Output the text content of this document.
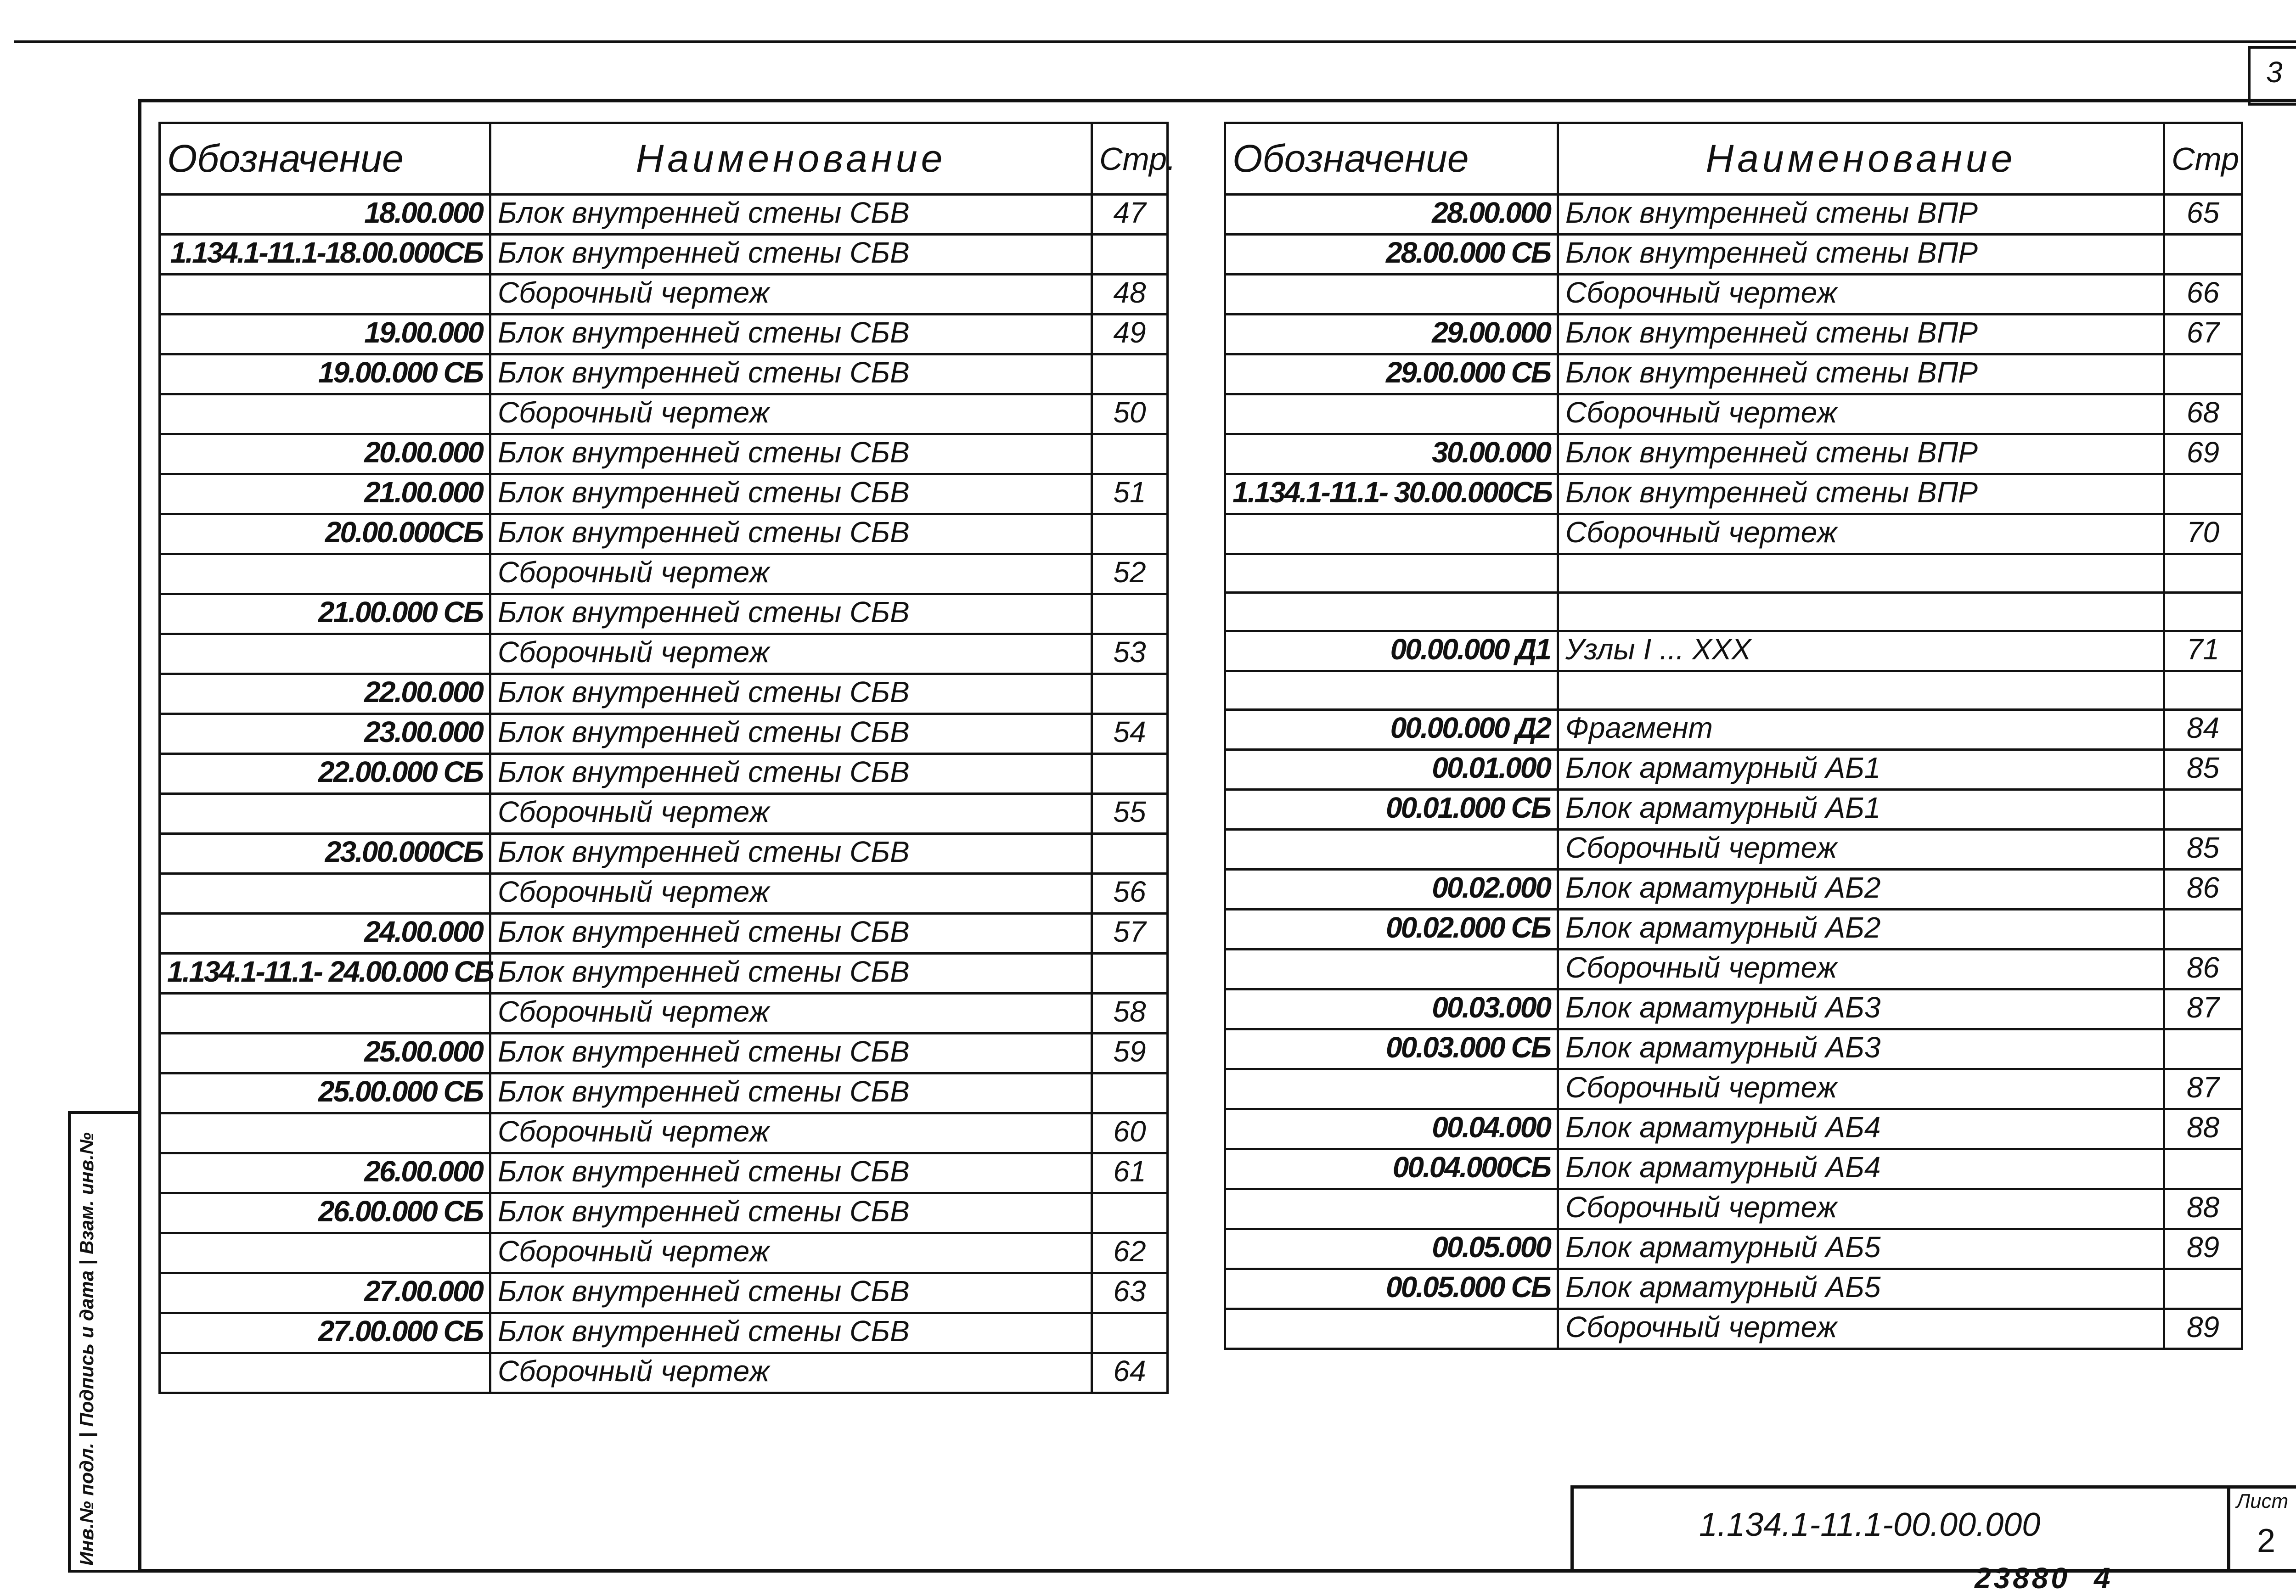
3
Инв.№ подл. | Подпись и дата | Взам. инв.№
Обозначение	Наименование	Стр.
18.00.000	Блок внутренней стены СБВ	47
1.134.1-11.1-18.00.000СБ	Блок внутренней стены СБВ	
	Сборочный чертеж	48
19.00.000	Блок внутренней стены СБВ	49
19.00.000 СБ	Блок внутренней стены СБВ	
	Сборочный чертеж	50
20.00.000	Блок внутренней стены СБВ	
21.00.000	Блок внутренней стены СБВ	51
20.00.000СБ	Блок внутренней стены СБВ	
	Сборочный чертеж	52
21.00.000 СБ	Блок внутренней стены СБВ	
	Сборочный чертеж	53
22.00.000	Блок внутренней стены СБВ	
23.00.000	Блок внутренней стены СБВ	54
22.00.000 СБ	Блок внутренней стены СБВ	
	Сборочный чертеж	55
23.00.000СБ	Блок внутренней стены СБВ	
	Сборочный чертеж	56
24.00.000	Блок внутренней стены СБВ	57
1.134.1-11.1- 24.00.000 СБ	Блок внутренней стены СБВ	
	Сборочный чертеж	58
25.00.000	Блок внутренней стены СБВ	59
25.00.000 СБ	Блок внутренней стены СБВ	
	Сборочный чертеж	60
26.00.000	Блок внутренней стены СБВ	61
26.00.000 СБ	Блок внутренней стены СБВ	
	Сборочный чертеж	62
27.00.000	Блок внутренней стены СБВ	63
27.00.000 СБ	Блок внутренней стены СБВ	
	Сборочный чертеж	64
Обозначение	Наименование	Стр
28.00.000	Блок внутренней стены ВПР	65
28.00.000 СБ	Блок внутренней стены ВПР	
	Сборочный чертеж	66
29.00.000	Блок внутренней стены ВПР	67
29.00.000 СБ	Блок внутренней стены ВПР	
	Сборочный чертеж	68
30.00.000	Блок внутренней стены ВПР	69
1.134.1-11.1- 30.00.000СБ	Блок внутренней стены ВПР	
	Сборочный чертеж	70

00.00.000 Д1	Узлы I ... XXX	71

00.00.000 Д2	Фрагмент	84
00.01.000	Блок арматурный АБ1	85
00.01.000 СБ	Блок арматурный АБ1	
	Сборочный чертеж	85
00.02.000	Блок арматурный АБ2	86
00.02.000 СБ	Блок арматурный АБ2	
	Сборочный чертеж	86
00.03.000	Блок арматурный АБ3	87
00.03.000 СБ	Блок арматурный АБ3	
	Сборочный чертеж	87
00.04.000	Блок арматурный АБ4	88
00.04.000СБ	Блок арматурный АБ4	
	Сборочный чертеж	88
00.05.000	Блок арматурный АБ5	89
00.05.000 СБ	Блок арматурный АБ5	
	Сборочный чертеж	89
1.134.1-11.1-00.00.000
Лист
2
23880 4
